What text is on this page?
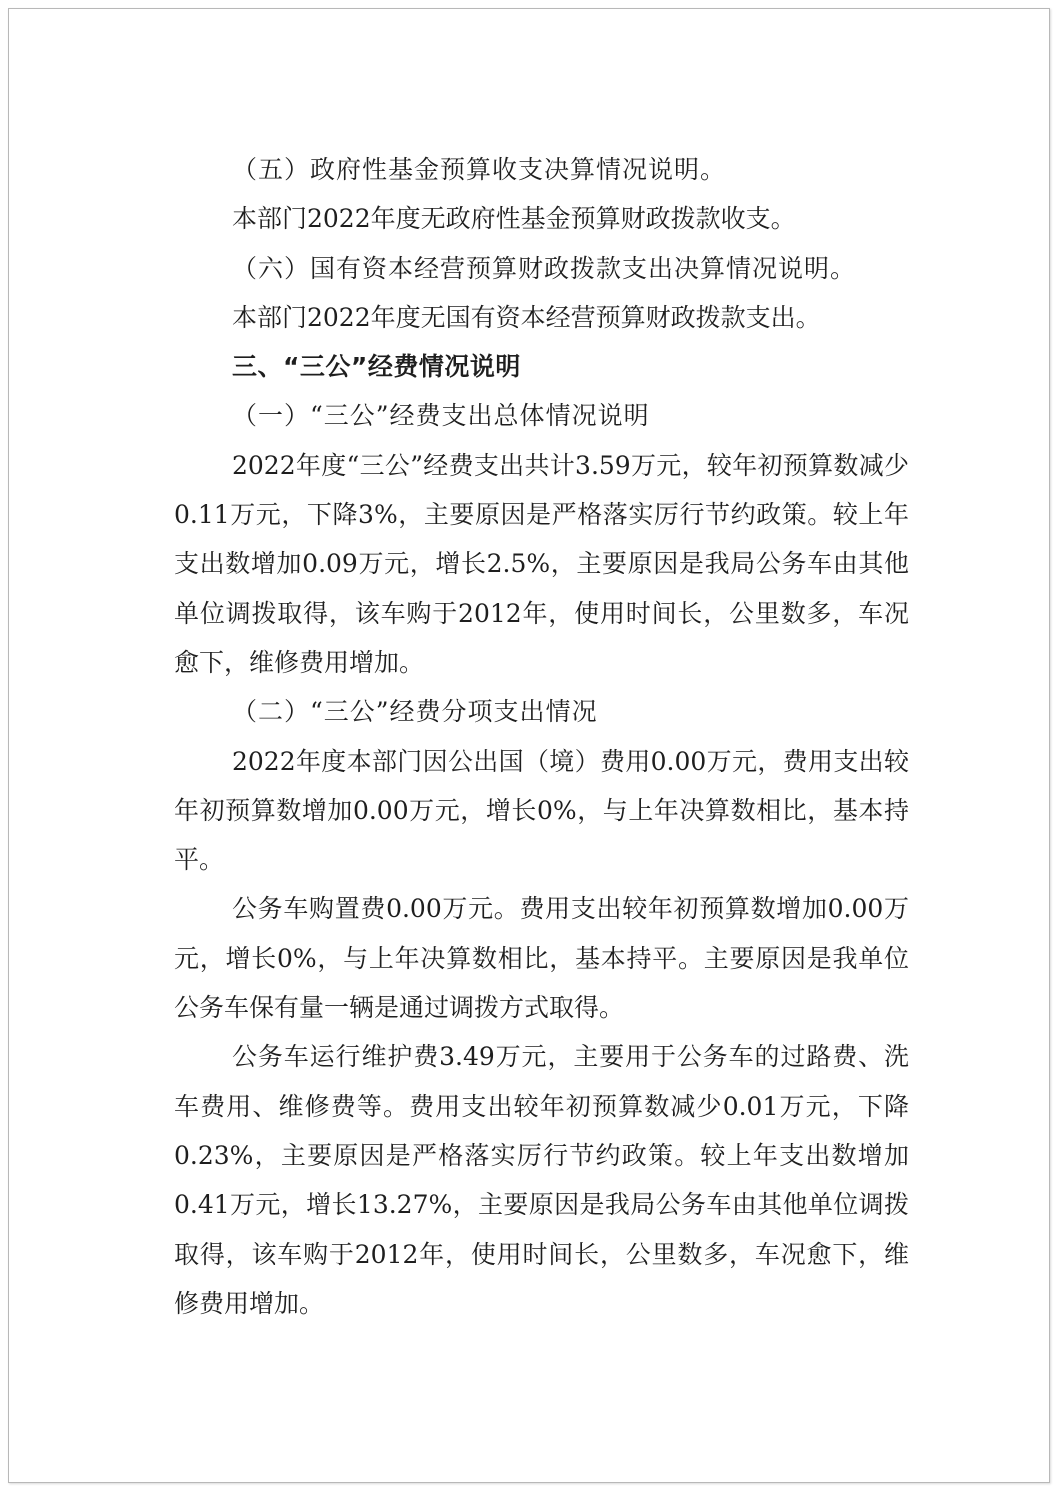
（五）政府性基金预算收支决算情况说明。

本部门2022年度无政府性基金预算财政拨款收支。

（六）国有资本经营预算财政拨款支出决算情况说明。

本部门2022年度无国有资本经营预算财政拨款支出。

三、“三公”经费情况说明

（一）“三公”经费支出总体情况说明

2022年度“三公”经费支出共计3.59万元，较年初预算数减少0.11万元，下降3%，主要原因是严格落实厉行节约政策。较上年支出数增加0.09万元，增长2.5%，主要原因是我局公务车由其他单位调拨取得，该车购于2012年，使用时间长，公里数多，车况愈下，维修费用增加。

（二）“三公”经费分项支出情况

2022年度本部门因公出国（境）费用0.00万元，费用支出较年初预算数增加0.00万元，增长0%，与上年决算数相比，基本持平。

公务车购置费0.00万元。费用支出较年初预算数增加0.00万元，增长0%，与上年决算数相比，基本持平。主要原因是我单位公务车保有量一辆是通过调拨方式取得。

公务车运行维护费3.49万元，主要用于公务车的过路费、洗车费用、维修费等。费用支出较年初预算数减少0.01万元，下降0.23%，主要原因是严格落实厉行节约政策。较上年支出数增加0.41万元，增长13.27%，主要原因是我局公务车由其他单位调拨取得，该车购于2012年，使用时间长，公里数多，车况愈下，维修费用增加。
